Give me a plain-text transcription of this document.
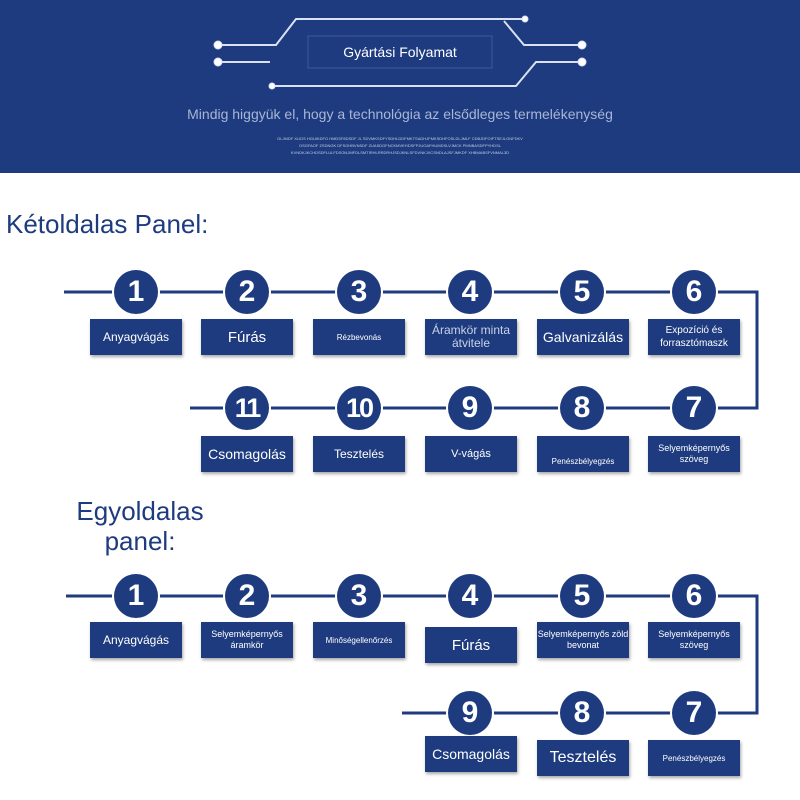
Gyártási Folyamat
Mindig higgyük el, hogy a technológia az elsődleges termelékenység
OLJMDF XLIDS HGUIKDFG HMDSF8DSDF JL SDVMKSDFYSDHLDDFMKTSADHJFMKSDHFOSLDLJMLF CDBJDFOIFTSEJLGNFDKV
OSGFAOF ZSDNGK DFSGHBVNSDF ZUASDGFNCKMVEHDSFPJUOAFHUMDSLVJMCK PMNBASDFPYHDSL
KVNDKJKCHDSDFLULFDSGNJMFDLSMTIRHLRRDRHJSDJKNLSFDVNKJXCSNDLAJSFJMKDF XHBMABSFVNMAL3D
Kétoldalas Panel:
Egyoldalas panel:
1
Anyagvágás
2
Fúrás
3
Rézbevonás
4
Áramkör minta átvitele
5
Galvanizálás
6
Expozíció és forrasztómaszk
7
Selyemképernyős szöveg
8
Penészbélyegzés
9
V-vágás
10
Tesztelés
11
Csomagolás
1
Anyagvágás
2
Selyemképernyős áramkör
3
Minőségellenőrzés
4
Fúrás
5
Selyemképernyős zöld bevonat
6
Selyemképernyős szöveg
7
Penészbélyegzés
8
Tesztelés
9
Csomagolás
